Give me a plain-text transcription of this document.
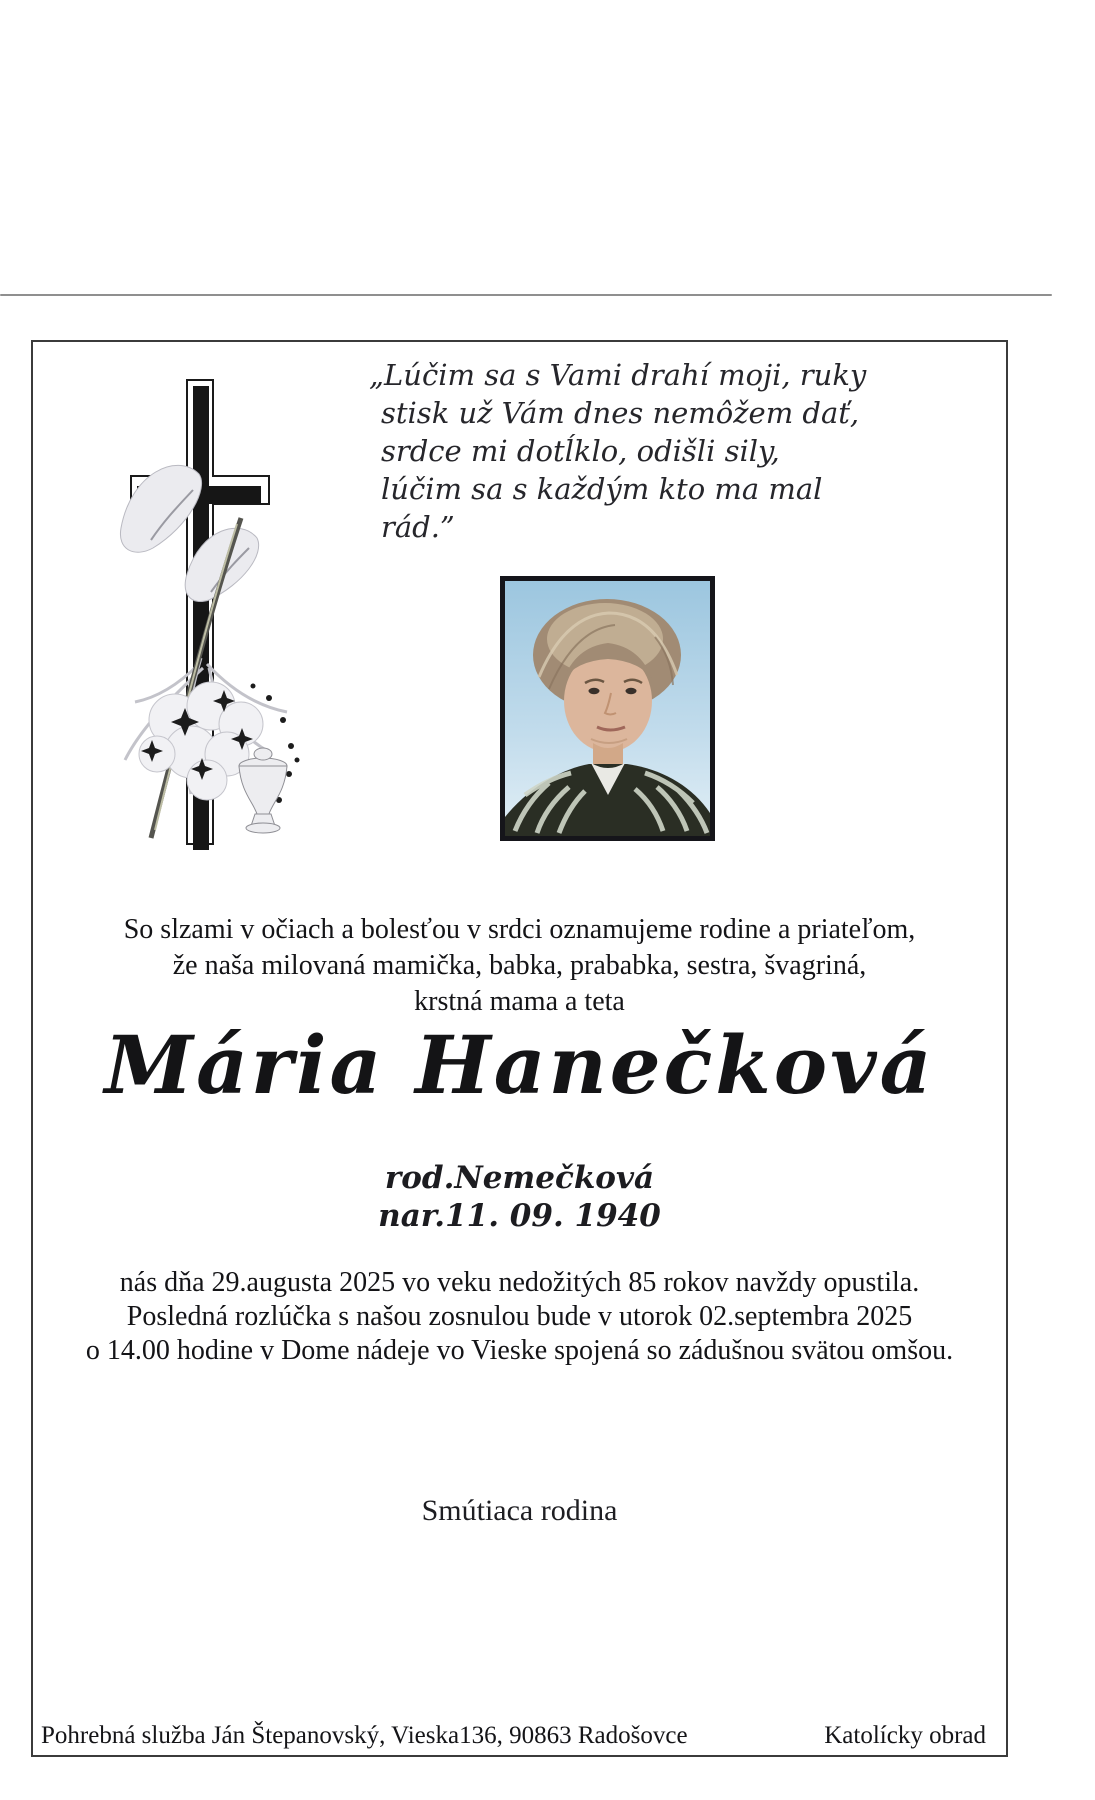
„Lúčim sa s Vami drahí moji, ruky
stisk už Vám dnes nemôžem dať,
srdce mi dotĺklo, odišli sily,
lúčim sa s každým kto ma mal rád.”
So slzami v očiach a bolesťou v srdci oznamujeme rodine a priateľom,
že naša milovaná mamička, babka, prababka, sestra, švagriná,
krstná mama a teta
Mária Hanečková
rod.Nemečková
nar.11. 09. 1940
nás dňa 29.augusta 2025 vo veku nedožitých 85 rokov navždy opustila.
Posledná rozlúčka s našou zosnulou bude v utorok 02.septembra 2025
o 14.00 hodine v Dome nádeje vo Vieske spojená so zádušnou svätou omšou.
Smútiaca rodina
Pohrebná služba Ján Štepanovský, Vieska136, 90863 Radošovce	Katolícky obrad
